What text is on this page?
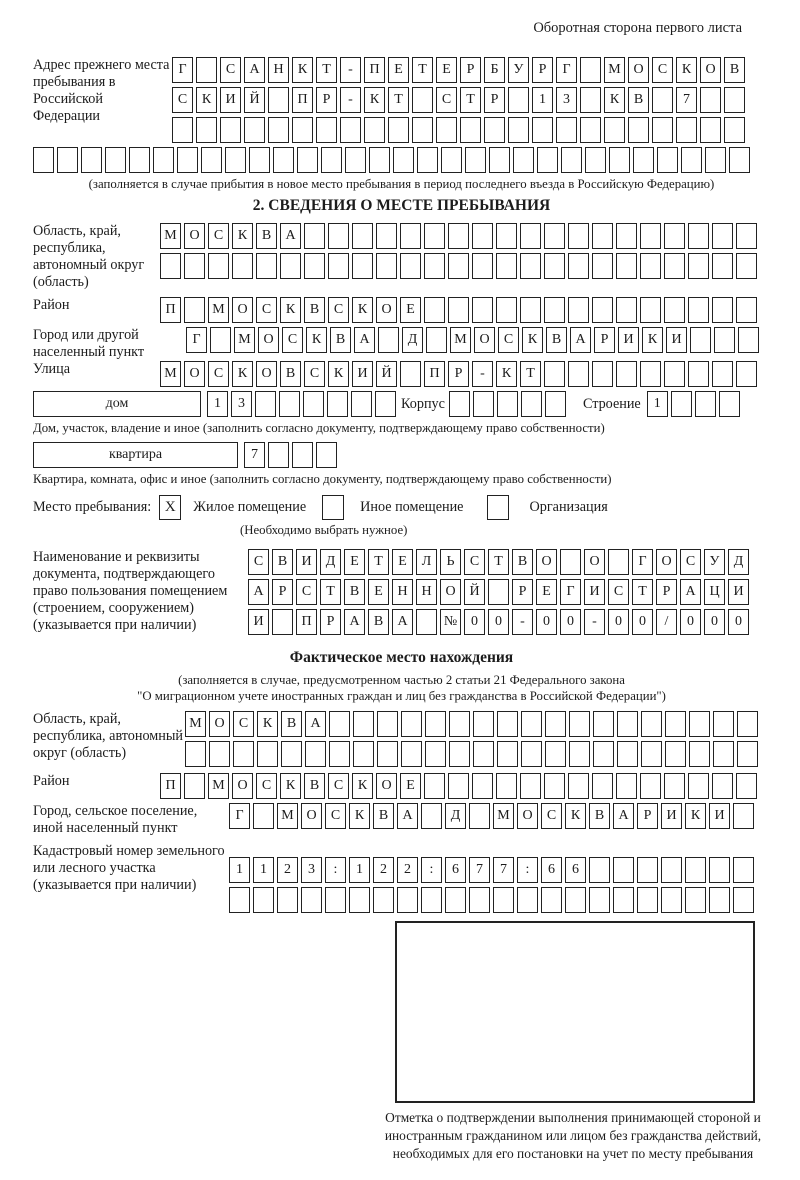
Оборотная сторона первого листа
Адрес прежнего места пребывания в Российской Федерации
Г	С	А Н	К	Т	-	П	Е	Т	Е	Р	Б	У	Р	Г	М О	С	К	О	В
С	К	И Й	П	Р	-	К	Т	С	Т	Р	1	3	К	В	7
(заполняется в случае прибытия в новое место пребывания в период последнего въезда в Российскую Федерацию)
2. СВЕДЕНИЯ О МЕСТЕ ПРЕБЫВАНИЯ
Область, край, республика, автономный округ (область)
М О	С	К	В	А
Район	П	М О	С	К	В	С	К	О	Е
Город или другой населенный пункт
Г	М О	С	К	В	А	Д	М О	С	К	В	А	Р	И	К	И
Улица	М О	С	К	О	В	С	К	И Й	П	Р	-	К	Т
дом	1	3	Корпус	Строение 1
Дом, участок, владение и иное (заполнить согласно документу, подтверждающему право собственности)
квартира	7
Квартира, комната, офис и иное (заполнить согласно документу, подтверждающему право собственности)
Место пребывания: X	Жилое помещение	Иное помещение	Организация
(Необходимо выбрать нужное)
Наименование и реквизиты документа, подтверждающего право пользования помещением (строением, сооружением) (указывается при наличии)
С	В	И	Д	Е	Т	Е	Л	Ь	С	Т	В	О	О	Г	О	С	У	Д
А	Р	С	Т	В	Е	Н Н О Й	Р	Е	Г	И	С	Т	Р	А Ц И
И	П	Р	А	В	А	№ 0	0	-	0	0	-	0	0	/	0	0	0
Фактическое место нахождения
(заполняется в случае, предусмотренном частью 2 статьи 21 Федерального закона
"О миграционном учете иностранных граждан и лиц без гражданства в Российской Федерации")
Область, край, республика, автономный округ (область)
М О	С	К	В	А
Район	П	М О	С	К	В	С	К	О	Е
Город, сельское поселение, иной населенный пункт
Г	М О	С	К	В	А	Д	М О	С	К	В	А	Р	И	К	И
Кадастровый номер земельного или лесного участка (указывается при наличии)
1	1	2	3	:	1	2	2	:	6	7	7	:	6	6
Отметка о подтверждении выполнения принимающей стороной и иностранным гражданином или лицом без гражданства действий, необходимых для его постановки на учет по месту пребывания
